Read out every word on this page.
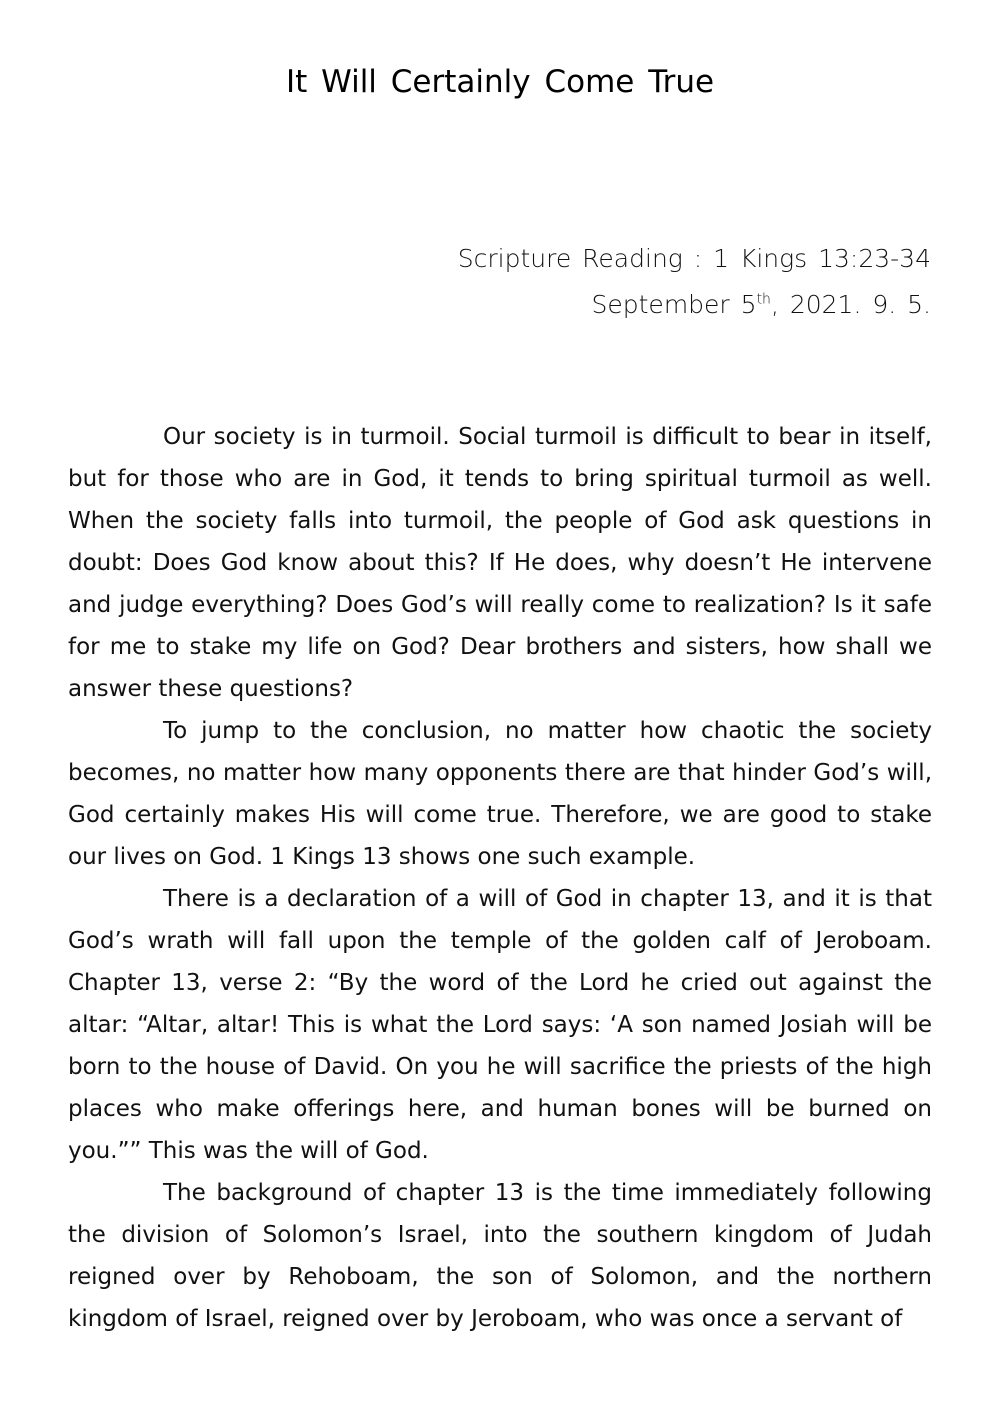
It Will Certainly Come True
Scripture Reading : 1 Kings 13:23-34
September 5th, 2021. 9. 5.

Our society is in turmoil. Social turmoil is difficult to bear in itself, but for those who are in God, it tends to bring spiritual turmoil as well. When the society falls into turmoil, the people of God ask questions in doubt: Does God know about this? If He does, why doesn’t He intervene and judge everything? Does God’s will really come to realization? Is it safe for me to stake my life on God? Dear brothers and sisters, how shall we answer these questions?

To jump to the conclusion, no matter how chaotic the society becomes, no matter how many opponents there are that hinder God’s will, God certainly makes His will come true. Therefore, we are good to stake our lives on God. 1 Kings 13 shows one such example.

There is a declaration of a will of God in chapter 13, and it is that God’s wrath will fall upon the temple of the golden calf of Jeroboam. Chapter 13, verse 2: “By the word of the Lord he cried out against the altar: “Altar, altar! This is what the Lord says: ‘A son named Josiah will be born to the house of David. On you he will sacrifice the priests of the high places who make offerings here, and human bones will be burned on you.”” This was the will of God.

The background of chapter 13 is the time immediately following the division of Solomon’s Israel, into the southern kingdom of Judah reigned over by Rehoboam, the son of Solomon, and the northern kingdom of Israel, reigned over by Jeroboam, who was once a servant of
